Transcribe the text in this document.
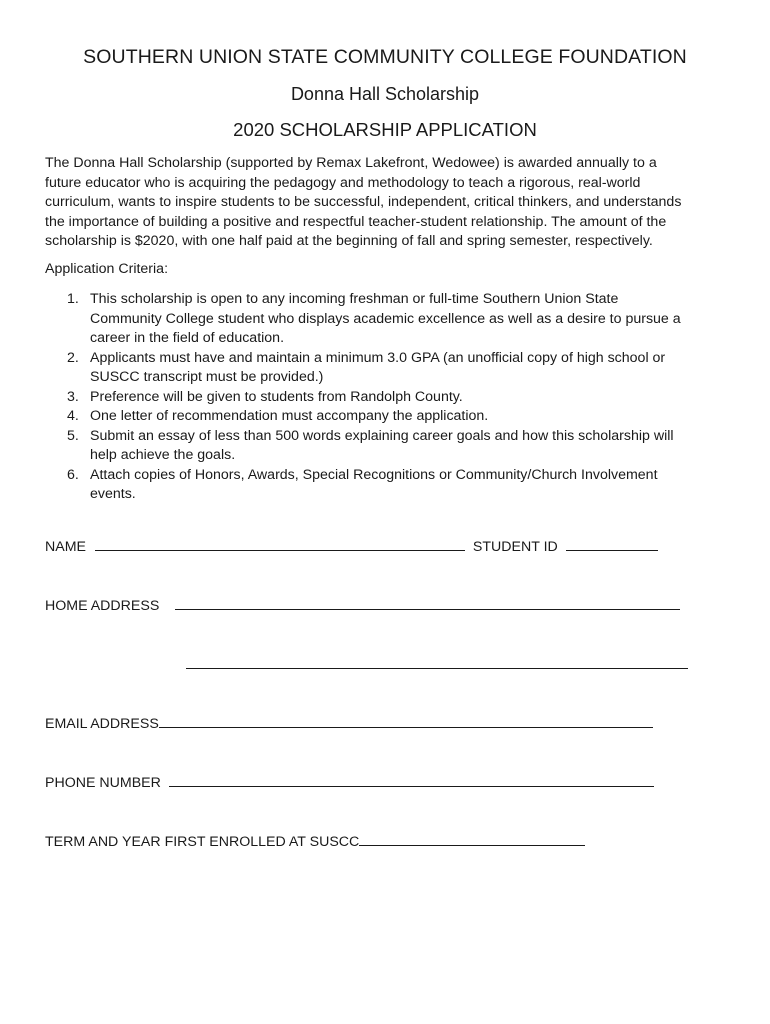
SOUTHERN UNION STATE COMMUNITY COLLEGE FOUNDATION
Donna Hall Scholarship
2020 SCHOLARSHIP APPLICATION

The Donna Hall Scholarship (supported by Remax Lakefront, Wedowee) is awarded annually to a
future educator who is acquiring the pedagogy and methodology to teach a rigorous, real-world
curriculum, wants to inspire students to be successful, independent, critical thinkers, and understands
the importance of building a positive and respectful teacher-student relationship. The amount of the
scholarship is $2020, with one half paid at the beginning of fall and spring semester, respectively.

Application Criteria:

1. This scholarship is open to any incoming freshman or full-time Southern Union State
Community College student who displays academic excellence as well as a desire to pursue a
career in the field of education.
2. Applicants must have and maintain a minimum 3.0 GPA (an unofficial copy of high school or
SUSCC transcript must be provided.)
3. Preference will be given to students from Randolph County.
4. One letter of recommendation must accompany the application.
5. Submit an essay of less than 500 words explaining career goals and how this scholarship will
help achieve the goals.
6. Attach copies of Honors, Awards, Special Recognitions or Community/Church Involvement
events.
NAME	STUDENT ID
HOME ADDRESS
EMAIL ADDRESS
PHONE NUMBER
TERM AND YEAR FIRST ENROLLED AT SUSCC
